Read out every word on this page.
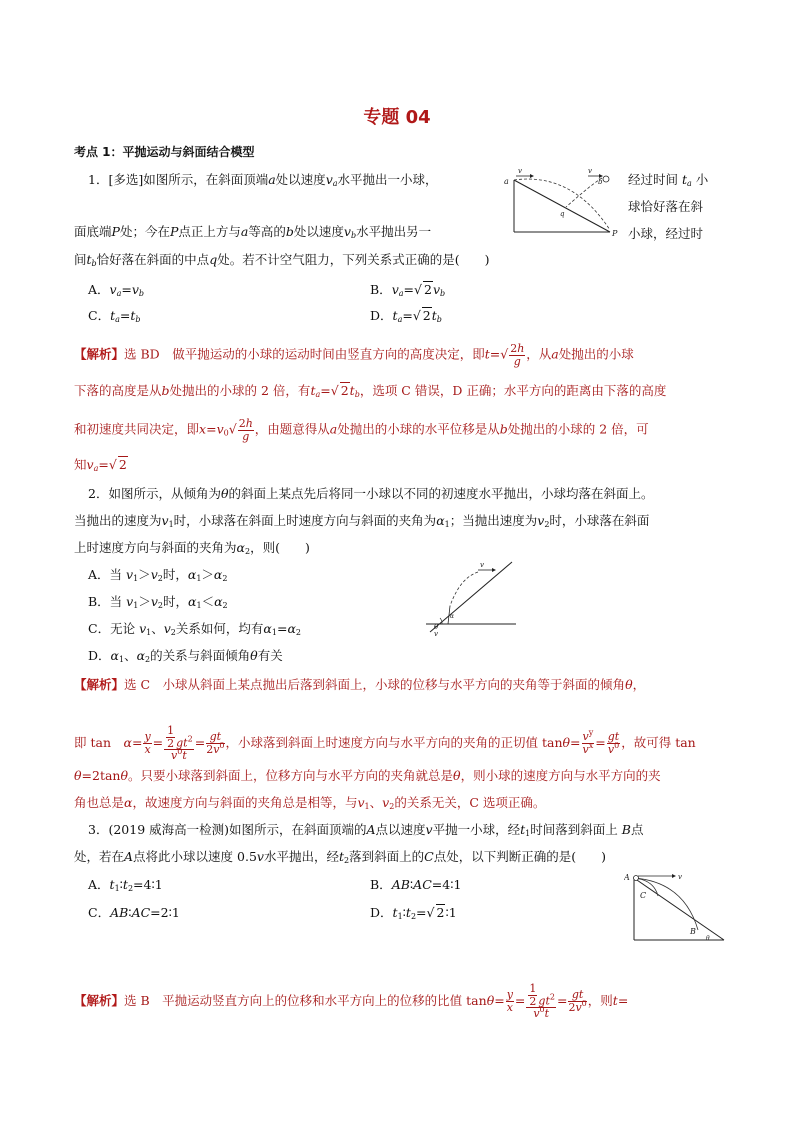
专题 04
考点 1：平抛运动与斜面结合模型
1．[多选]如图所示，在斜面顶端a处以速度$v_a$水平抛出一小球，	a
v	v
b
q
P
经过时间 $t_a$ 小
球恰好落在斜
小球，经过时
面底端P处；今在P点正上方与a等高的b处以速度$v_b$水平抛出另一
间$t_b$恰好落在斜面的中点q处。若不计空气阻力，下列关系式正确的是(　　)
A．$v_a=v_b$	B．$v_a=√$ $2v_b$
C．$t_a=t_b$	D．$t_a=√$ $2t_b$
【解析】选 BD　做平抛运动的小球的运动时间由竖直方向的高度决定，即$t=√ \frac{2h}{g}$ ，从a处抛出的小球
下落的高度是从b处抛出的小球的 2 倍，有$t_a=√$ $2t_b$，选项 C 错误，D 正确；水平方向的距离由下落的高度
和初速度共同决定，即$x=v_0√ \frac{2h}{g}$ ，由题意得从a处抛出的小球的水平位移是从b处抛出的小球的 2 倍，可
知$v_a=√$ 2
2．如图所示，从倾角为θ的斜面上某点先后将同一小球以不同的初速度水平抛出，小球均落在斜面上。
当抛出的速度为$v_1$时，小球落在斜面上时速度方向与斜面的夹角为$\alpha_1$；当抛出速度为$v_2$时，小球落在斜面
上时速度方向与斜面的夹角为$\alpha_2$，则(　　)
A．当 $v_1>v_2$时，$\alpha_1>\alpha_2$
B．当 $v_1>v_2$时，$\alpha_1<\alpha_2$
C．无论 $v_1$、$v_2$关系如何，均有$\alpha_1=\alpha_2$
D．$\alpha_1$、$\alpha_2$的关系与斜面倾角θ有关
v
θ
α
v
【解析】选 C　小球从斜面上某点抛出后落到斜面上，小球的位移与水平方向的夹角等于斜面的倾角θ，
即 tan　$\alpha= \frac{y}{x} = \frac{\frac{1}{2} gt^2}{v^0t} = \frac{gt}{2v^0}$ ，小球落到斜面上时速度方向与水平方向的夹角的正切值 $\tan\theta= \frac{v^y}{v^x} = \frac{gt}{v^0}$ ，故可得 tan
θ=2tanθ。只要小球落到斜面上，位移方向与水平方向的夹角就总是θ，则小球的速度方向与水平方向的夹
角也总是α，故速度方向与斜面的夹角总是相等，与$v_1$、$v_2$的关系无关，C 选项正确。
3．(2019 威海高一检测)如图所示，在斜面顶端的A点以速度v平抛一小球，经$t_1$时间落到斜面上 B点
处，若在A点将此小球以速度 0.5v水平抛出，经$t_2$落到斜面上的C点处，以下判断正确的是(　　)
A．$t_1∶t_2=4∶1$	B．AB∶AC=4∶1
C．AB∶AC=2∶1	D．$t_1∶t_2=√$ 2∶1
A	v
C
B
θ
【解析】选 B　平抛运动竖直方向上的位移和水平方向上的位移的比值 $\tan\theta= \frac{y}{x} = \frac{\frac{1}{2} gt^2}{v^0t} = \frac{gt}{2v^0}$ ，则t=
